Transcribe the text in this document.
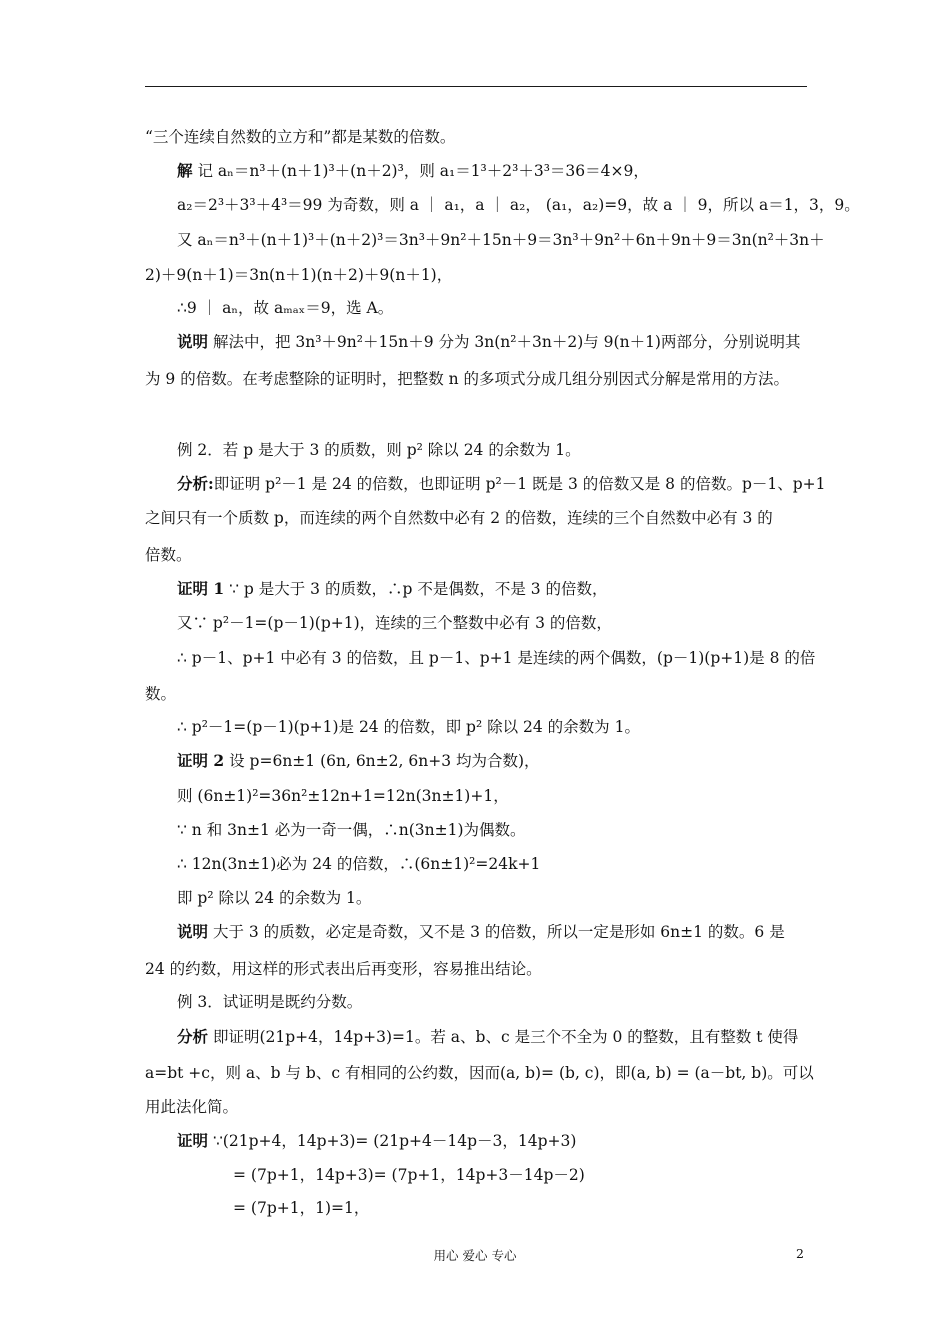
“三个连续自然数的立方和”都是某数的倍数。
解 记 aₙ＝n³＋(n＋1)³＋(n＋2)³，则 a₁＝1³＋2³＋3³＝36＝4×9，
a₂＝2³＋3³＋4³＝99 为奇数，则 a ｜ a₁，a ｜ a₂， (a₁，a₂)=9，故 a ｜ 9，所以 a＝1，3，9。
又 aₙ＝n³＋(n＋1)³＋(n＋2)³＝3n³＋9n²＋15n＋9＝3n³＋9n²＋6n＋9n＋9＝3n(n²＋3n＋
2)＋9(n＋1)＝3n(n＋1)(n＋2)＋9(n＋1)，
∴9 ｜ aₙ，故 aₘₐₓ＝9，选 A。
说明 解法中，把 3n³＋9n²＋15n＋9 分为 3n(n²＋3n＋2)与 9(n＋1)两部分，分别说明其
为 9 的倍数。在考虑整除的证明时，把整数 n 的多项式分成几组分别因式分解是常用的方法。
例 2．若 p 是大于 3 的质数，则 p² 除以 24 的余数为 1。
分析:即证明 p²－1 是 24 的倍数，也即证明 p²－1 既是 3 的倍数又是 8 的倍数。p－1、p+1
之间只有一个质数 p，而连续的两个自然数中必有 2 的倍数，连续的三个自然数中必有 3 的
倍数。
证明 1 ∵ p 是大于 3 的质数，∴p 不是偶数，不是 3 的倍数，
又∵ p²－1=(p－1)(p+1)，连续的三个整数中必有 3 的倍数，
∴ p－1、p+1 中必有 3 的倍数，且 p－1、p+1 是连续的两个偶数，(p－1)(p+1)是 8 的倍
数。
∴ p²－1=(p－1)(p+1)是 24 的倍数，即 p² 除以 24 的余数为 1。
证明 2 设 p=6n±1 (6n, 6n±2, 6n+3 均为合数)，
则 (6n±1)²=36n²±12n+1=12n(3n±1)+1，
∵ n 和 3n±1 必为一奇一偶，∴n(3n±1)为偶数。
∴ 12n(3n±1)必为 24 的倍数，∴(6n±1)²=24k+1
即 p² 除以 24 的余数为 1。
说明 大于 3 的质数，必定是奇数，又不是 3 的倍数，所以一定是形如 6n±1 的数。6 是
24 的约数，用这样的形式表出后再变形，容易推出结论。
例 3．试证明是既约分数。
分析 即证明(21p+4，14p+3)=1。若 a、b、c 是三个不全为 0 的整数，且有整数 t 使得
a=bt +c，则 a、b 与 b、c 有相同的公约数，因而(a, b)= (b, c)，即(a, b) = (a－bt, b)。可以
用此法化简。
证明 ∵(21p+4，14p+3)= (21p+4－14p－3，14p+3)
= (7p+1，14p+3)= (7p+1，14p+3－14p－2)
= (7p+1，1)=1，
用心 爱心 专心	2
